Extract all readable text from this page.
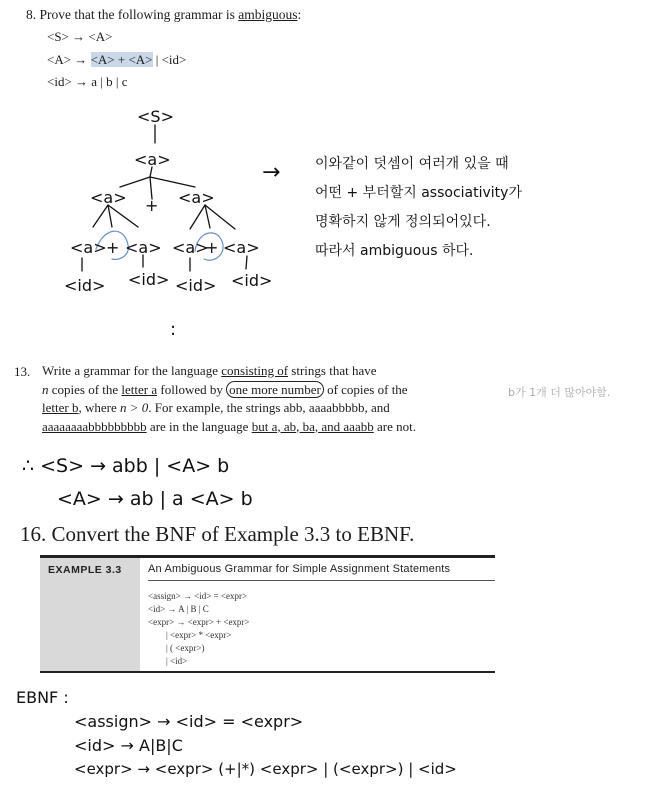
8. Prove that the following grammar is ambiguous:
<S> → <A>
<A> → <A> + <A> | <id>
<id> → a | b | c
<S>
<a>
<a> + <a>
<a> + <a> <a>
+ <a>
<id> <id> <id> <id>
→
:
이와같이 덧셈이 여러개 있을 때
어떤 + 부터할지 associativity가
명확하지 않게 정의되어있다.
따라서 ambiguous 하다.
13. Write a grammar for the language consisting of strings that have
n copies of the letter a followed by one more number of copies of the
letter b, where n > 0. For example, the strings abb, aaaabbbbb, and
aaaaaaaabbbbbbbbb are in the language but a, ab, ba, and aaabb are not.
b가 1개 더 많아야함.
∴ <S> → abb | <A> b
<A> → ab | a <A> b
16. Convert the BNF of Example 3.3 to EBNF.
EXAMPLE 3.3 An Ambiguous Grammar for Simple Assignment Statements
<assign> → <id> = <expr>
<id> → A | B | C
<expr> → <expr> + <expr>
| <expr> * <expr>
| ( <expr>)
| <id>
EBNF :
<assign> → <id> = <expr>
<id> → A|B|C
<expr> → <expr> (+|*) <expr> | (<expr>) | <id>
